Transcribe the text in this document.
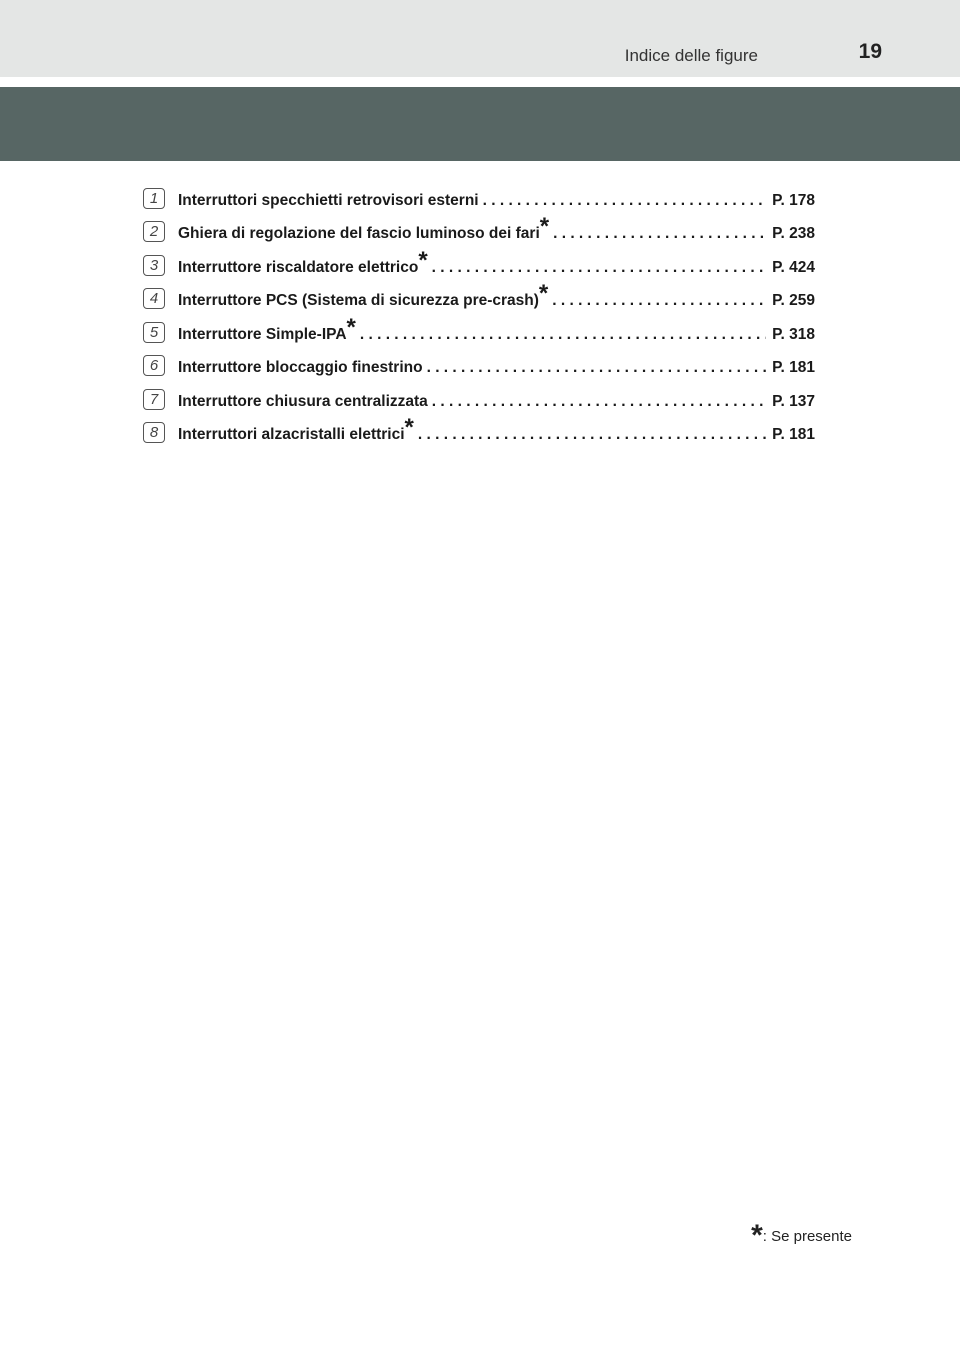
Indice delle figure	19
1	Interruttori specchietti retrovisori esterni . . .	P. 178
2	Ghiera di regolazione del fascio luminoso dei fari* . . .	P. 238
3	Interruttore riscaldatore elettrico* . . .	P. 424
4	Interruttore PCS (Sistema di sicurezza pre-crash)* . . .	P. 259
5	Interruttore Simple-IPA* . . .	P. 318
6	Interruttore bloccaggio finestrino . . .	P. 181
7	Interruttore chiusura centralizzata . . .	P. 137
8	Interruttori alzacristalli elettrici* . . .	P. 181
*: Se presente
